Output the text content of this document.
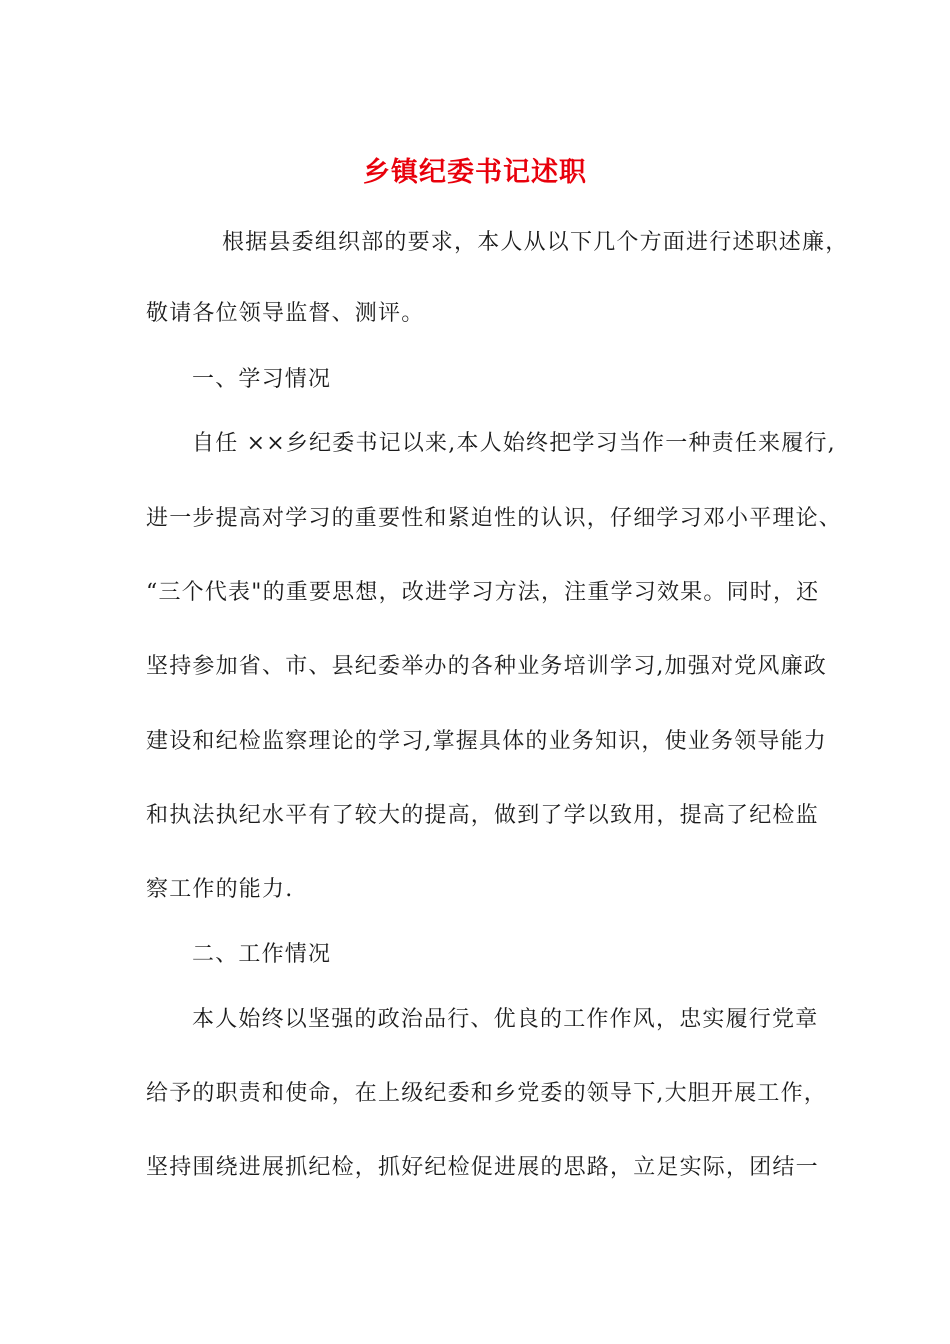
乡镇纪委书记述职
根据县委组织部的要求，本人从以下几个方面进行述职述廉，
敬请各位领导监督、测评。
一、学习情况
自任 ××乡纪委书记以来,本人始终把学习当作一种责任来履行,
进一步提高对学习的重要性和紧迫性的认识，仔细学习邓小平理论、
“三个代表"的重要思想，改进学习方法，注重学习效果。同时，还
坚持参加省、市、县纪委举办的各种业务培训学习,加强对党风廉政
建设和纪检监察理论的学习,掌握具体的业务知识，使业务领导能力
和执法执纪水平有了较大的提高，做到了学以致用，提高了纪检监
察工作的能力.
二、工作情况
本人始终以坚强的政治品行、优良的工作作风，忠实履行党章
给予的职责和使命，在上级纪委和乡党委的领导下,大胆开展工作，
坚持围绕进展抓纪检，抓好纪检促进展的思路，立足实际，团结一
